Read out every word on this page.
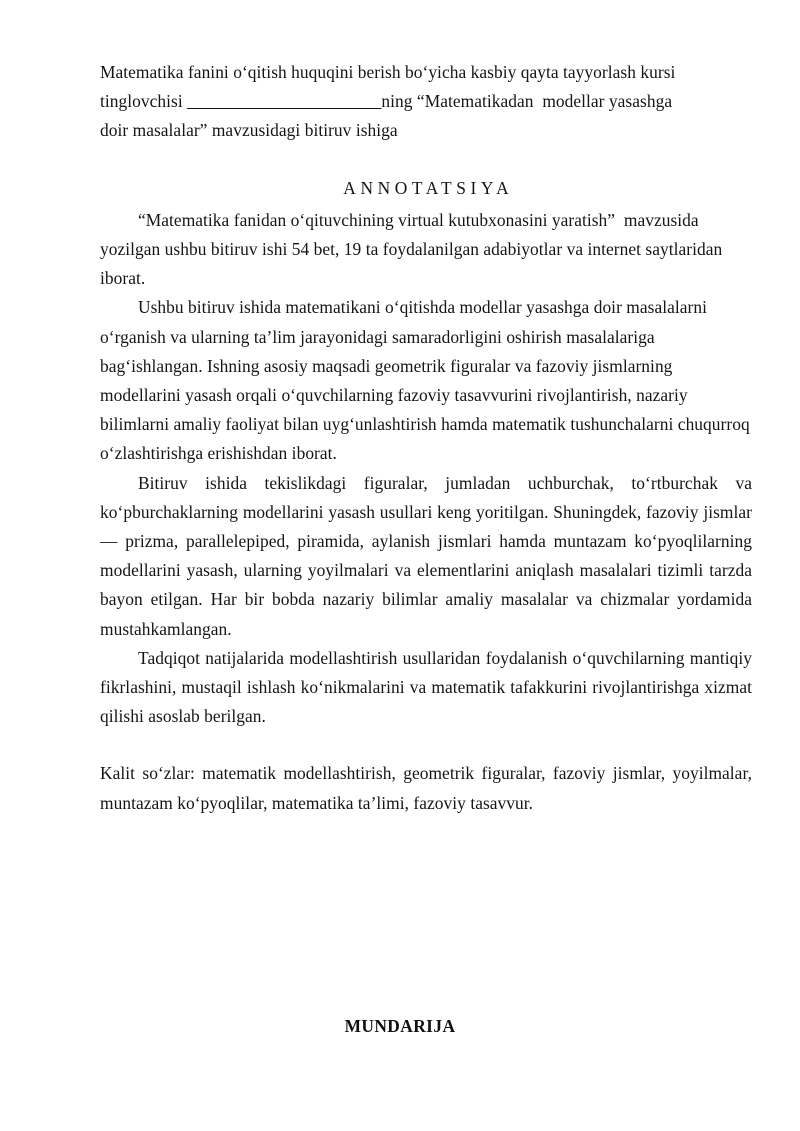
Matematika fanini oʻqitish huquqini berish boʻyicha kasbiy qayta tayyorlash kursi

tinglovchisi	ning “Matematikadan  modellar yasashga

doir masalalar” mavzusidagi bitiruv ishiga

ANNOTATSIYA

“Matematika fanidan oʻqituvchining virtual kutubxonasini yaratish”  mavzusida yozilgan ushbu bitiruv ishi 54 bet, 19 ta foydalanilgan adabiyotlar va internet saytlaridan iborat.

Ushbu bitiruv ishida matematikani oʻqitishda modellar yasashga doir masalalarni oʻrganish va ularning ta’lim jarayonidagi samaradorligini oshirish masalalariga bagʻishlangan. Ishning asosiy maqsadi geometrik figuralar va fazoviy jismlarning modellarini yasash orqali oʻquvchilarning fazoviy tasavvurini rivojlantirish, nazariy bilimlarni amaliy faoliyat bilan uygʻunlashtirish hamda matematik tushunchalarni chuqurroq oʻzlashtirishga erishishdan iborat.

Bitiruv ishida tekislikdagi figuralar, jumladan uchburchak, toʻrtburchak va koʻpburchaklarning modellarini yasash usullari keng yoritilgan. Shuningdek, fazoviy jismlar — prizma, parallelepiped, piramida, aylanish jismlari hamda muntazam koʻpyoqlilarning modellarini yasash, ularning yoyilmalari va elementlarini aniqlash masalalari tizimli tarzda bayon etilgan. Har bir bobda nazariy bilimlar amaliy masalalar va chizmalar yordamida mustahkamlangan.

Tadqiqot natijalarida modellashtirish usullaridan foydalanish oʻquvchilarning mantiqiy fikrlashini, mustaqil ishlash koʻnikmalarini va matematik tafakkurini rivojlantirishga xizmat qilishi asoslab berilgan.

Kalit soʻzlar: matematik modellashtirish, geometrik figuralar, fazoviy jismlar, yoyilmalar, muntazam koʻpyoqlilar, matematika ta’limi, fazoviy tasavvur.

MUNDARIJA
